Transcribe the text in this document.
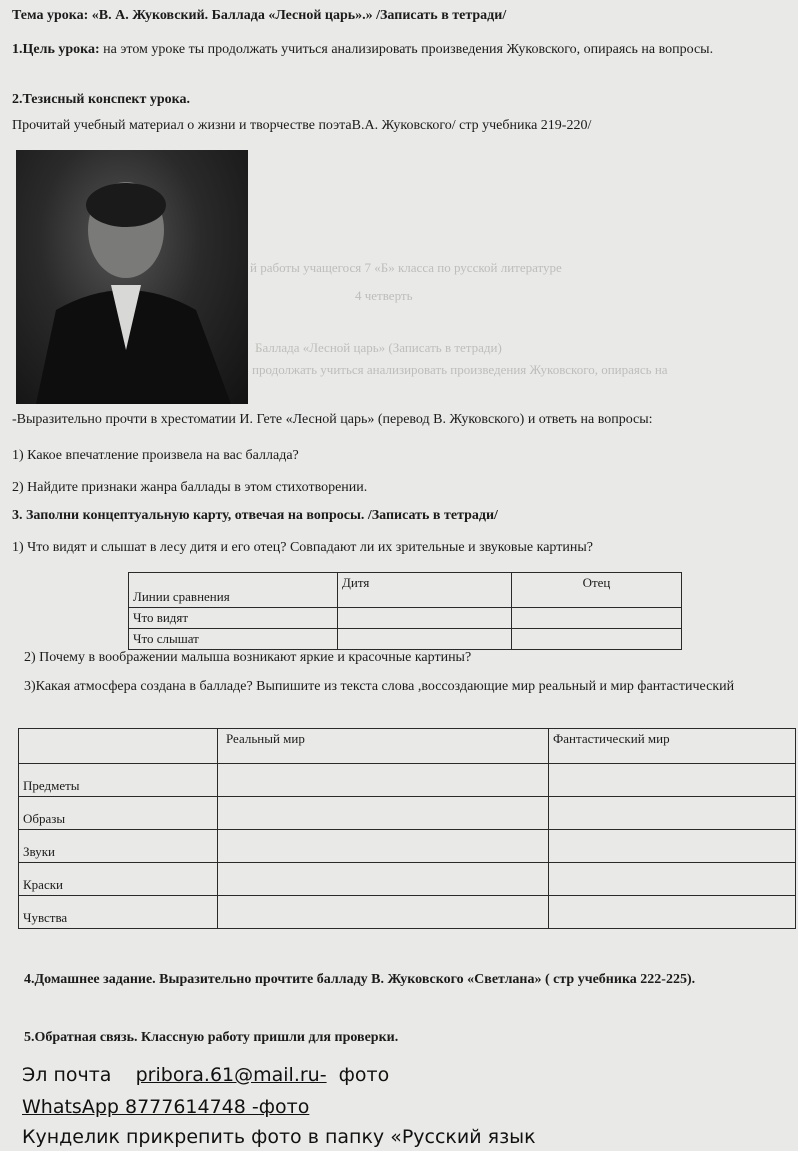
Тема урока: «В. А. Жуковский. Баллада «Лесной царь».» /Записать в тетради/
1.Цель урока: на этом уроке ты продолжать учиться анализировать произведения Жуковского, опираясь на вопросы.
2.Тезисный конспект урока.
Прочитай учебный материал о жизни и творчестве поэтаВ.А. Жуковского/ стр учебника 219-220/
й работы учащегося 7 «Б» класса по русской литературе
4 четверть
Баллада «Лесной царь» (Записать в тетради)
продолжать учиться анализировать произведения Жуковского, опираясь на
-Выразительно прочти в хрестоматии И. Гете «Лесной царь» (перевод В. Жуковского) и ответь на вопросы:
1) Какое впечатление произвела на вас баллада?
2) Найдите признаки жанра баллады в этом стихотворении.
3. Заполни концептуальную карту, отвечая на вопросы. /Записать в тетради/
1) Что видят и слышат в лесу дитя и его отец? Совпадают ли их зрительные и звуковые картины?
Линии сравнения	Дитя	Отец
Что видят		
Что слышат		
2) Почему в воображении малыша возникают яркие и красочные картины?
3)Какая атмосфера создана в балладе? Выпишите из текста слова ,воссоздающие мир реальный и мир фантастический
	Реальный мир	Фантастический мир
Предметы		
Образы		
Звуки		
Краски		
Чувства		
4.Домашнее задание. Выразительно прочтите балладу В. Жуковского «Светлана» ( стр учебника 222-225).
5.Обратная связь. Классную работу пришли для проверки.
Эл почта pribora.61@mail.ru- фото
WhatsApp 8777614748 -фото
Кунделик прикрепить фото в папку «Русский язык
